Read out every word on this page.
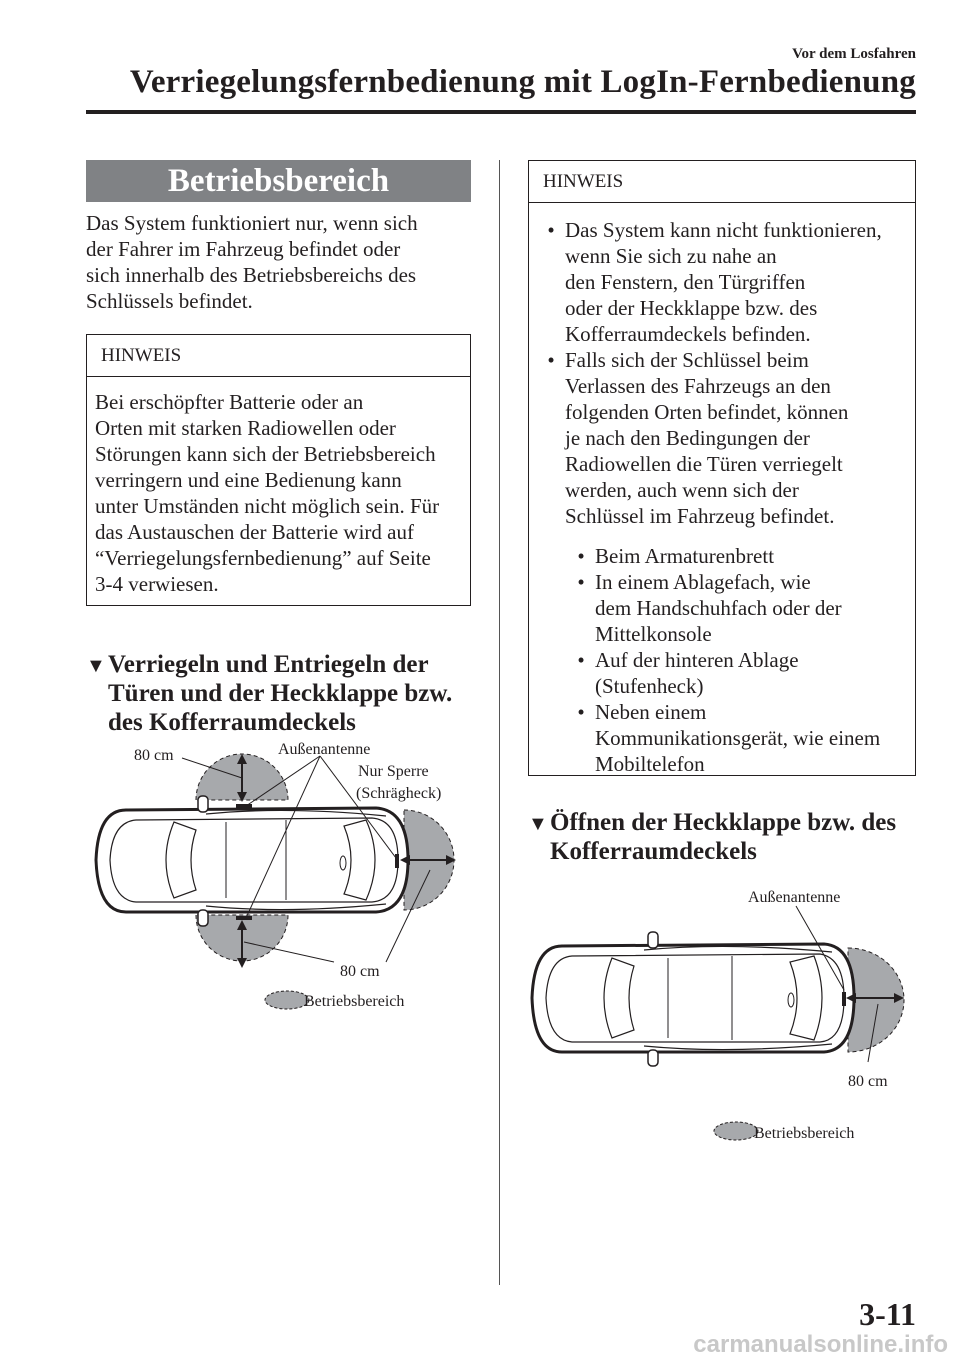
Vor dem Losfahren
Verriegelungsfernbedienung mit LogIn-Fernbedienung
Betriebsbereich
Das System funktioniert nur, wenn sich
der Fahrer im Fahrzeug befindet oder
sich innerhalb des Betriebsbereichs des
Schlüssels befindet.
HINWEIS
Bei erschöpfter Batterie oder an
Orten mit starken Radiowellen oder
Störungen kann sich der Betriebsbereich
verringern und eine Bedienung kann
unter Umständen nicht möglich sein. Für
das Austauschen der Batterie wird auf
“Verriegelungsfernbedienung” auf Seite
3-4 verwiesen.
▼ Verriegeln und Entriegeln der
Türen und der Heckklappe bzw.
des Kofferraumdeckels
80 cm	Außenantenne
Nur Sperre
(Schrägheck)
80 cm
Betriebsbereich
HINWEIS
• Das System kann nicht funktionieren,
wenn Sie sich zu nahe an
den Fenstern, den Türgriffen
oder der Heckklappe bzw. des
Kofferraumdeckels befinden.
• Falls sich der Schlüssel beim
Verlassen des Fahrzeugs an den
folgenden Orten befindet, können
je nach den Bedingungen der
Radiowellen die Türen verriegelt
werden, auch wenn sich der
Schlüssel im Fahrzeug befindet.
• Beim Armaturenbrett
• In einem Ablagefach, wie
dem Handschuhfach oder der
Mittelkonsole
• Auf der hinteren Ablage
(Stufenheck)
• Neben einem
Kommunikationsgerät, wie einem
Mobiltelefon
▼ Öffnen der Heckklappe bzw. des
Kofferraumdeckels
Außenantenne
80 cm
Betriebsbereich
3-11
carmanualsonline.info
